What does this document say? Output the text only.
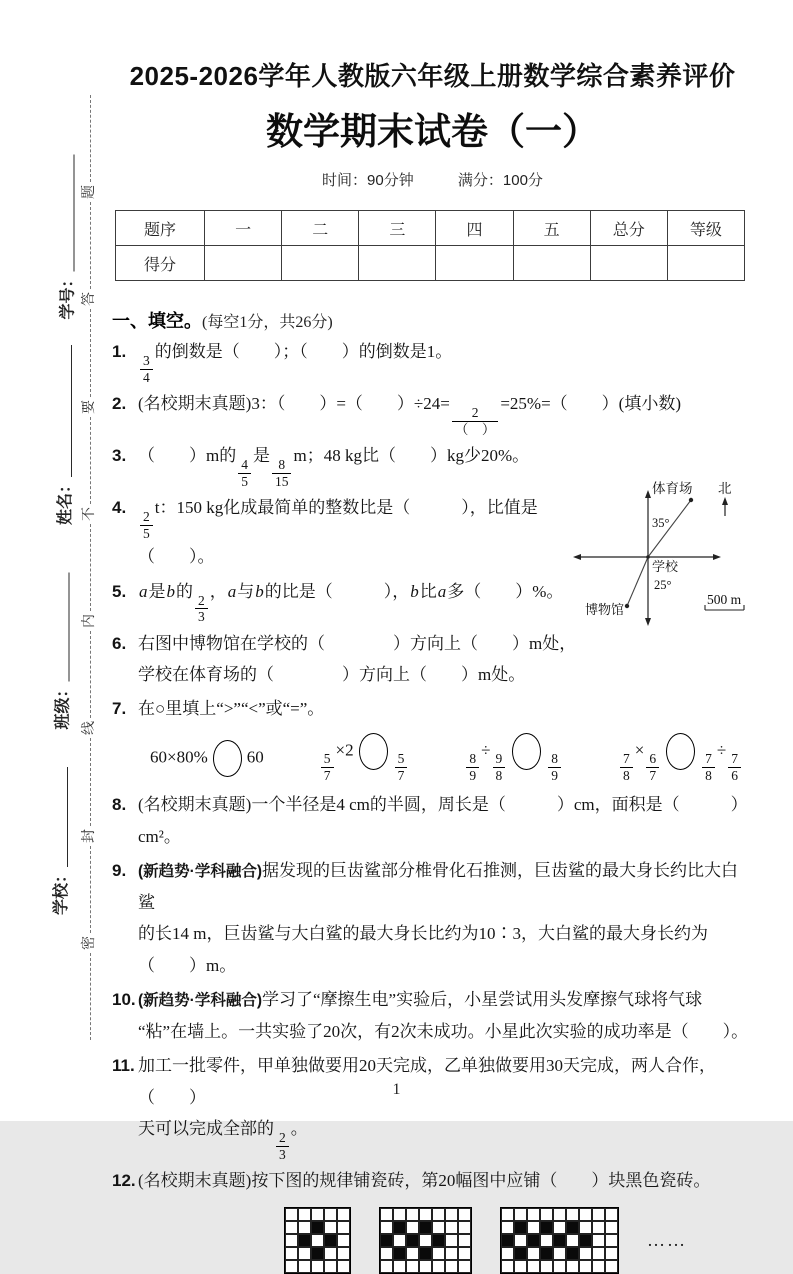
题
答
要
不
内
线
封
密
学号：
姓名：
班级：
学校：
2025-2026学年人教版六年级上册数学综合素养评价
数学期末试卷（一）
时间：90分钟	满分：100分
题序	一	二	三	四	五	总分	等级
得分							
一、填空。(每空1分，共26分)
1.
$\frac{3}{4}$
的倒数是（　　）；（　　）的倒数是1。
2. (名校期末真题)3：（　　）=（　　）÷24=
$\frac{2}{( )}$
=25%=（　　）(填小数)
3. （　　）m的
$\frac{4}{5}$
是
$\frac{8}{15}$
m；48 kg比（　　）kg少20%。
4.
$\frac{2}{5}$
t：150 kg化成最简单的整数比是（　　　），比值是（　　）。
5. a是b的
$\frac{2}{3}$
，a与b的比是（　　　），b比a多（　　）%。
6. 右图中博物馆在学校的（　　　　）方向上（　　）m处，
学校在体育场的（　　　　）方向上（　　）m处。
7. 在○里填上“>”“<”或“=”。
60×80% 60	$\frac{5}{7}$
×2
$\frac{5}{7}$	$\frac{8}{9}$
÷
$\frac{9}{8}$	$\frac{8}{9}$	$\frac{7}{8}$
×
$\frac{6}{7}$	$\frac{7}{8}$
÷
$\frac{7}{6}$
8. (名校期末真题)一个半径是4 cm的半圆，周长是（　　　）cm，面积是（　　　）cm²。
9. (新趋势·学科融合)据发现的巨齿鲨部分椎骨化石推测，巨齿鲨的最大身长约比大白鲨
的长14 m，巨齿鲨与大白鲨的最大身长比约为10∶3，大白鲨的最大身长约为（　　）m。
10. (新趋势·学科融合)学习了“摩擦生电”实验后，小星尝试用头发摩擦气球将气球
“粘”在墙上。一共实验了20次，有2次未成功。小星此次实验的成功率是（　　）。
11. 加工一批零件，甲单独做要用20天完成，乙单独做要用30天完成，两人合作，（　　）
天可以完成全部的
$\frac{2}{3}$
。
12. (名校期末真题)按下图的规律铺瓷砖，第20幅图中应铺（　　）块黑色瓷砖。
……
体育场 北
35°
学校
25°
博物馆
500 m
1
